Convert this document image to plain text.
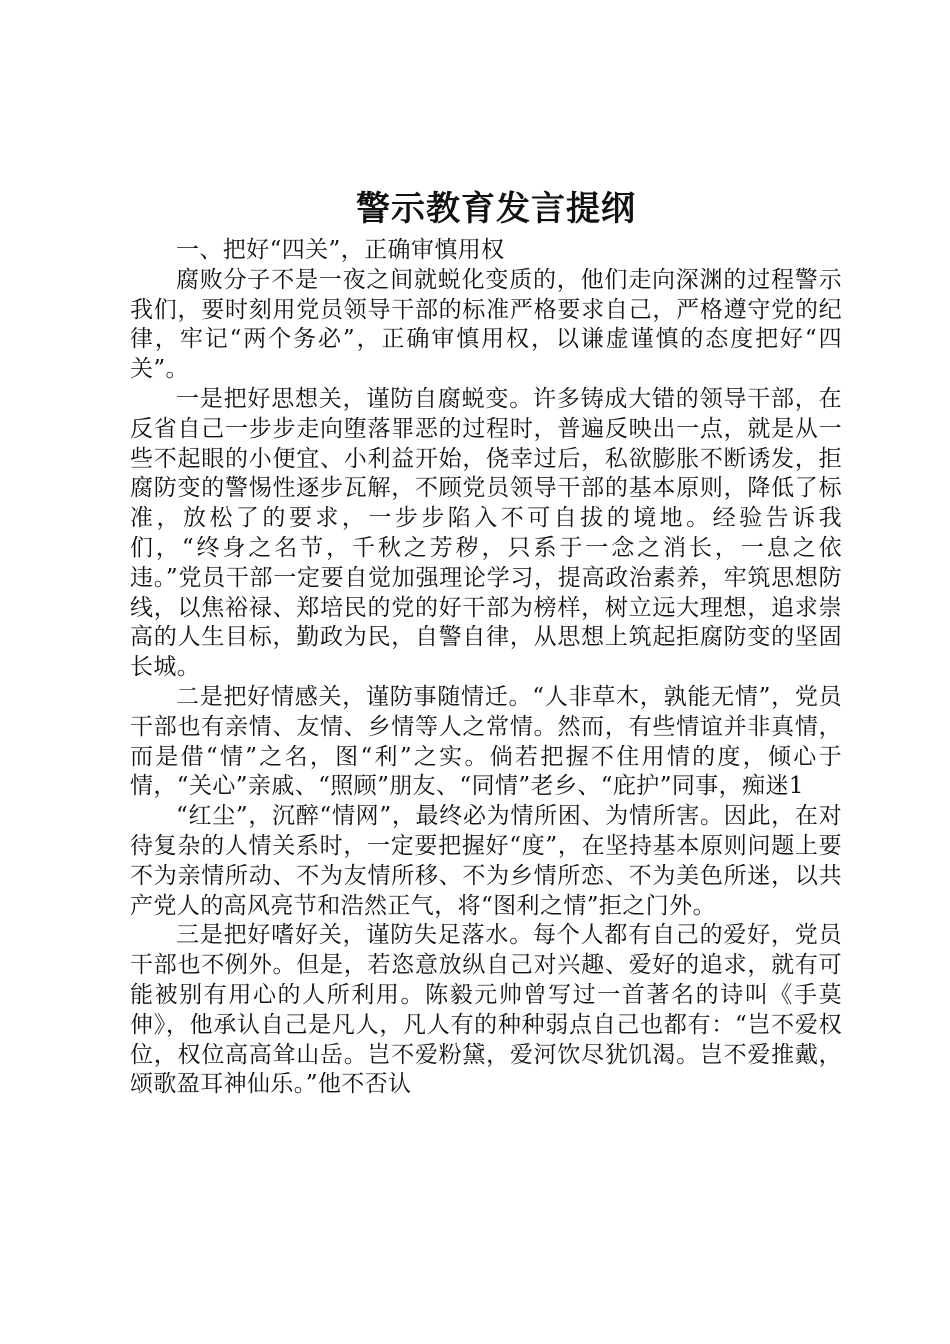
警示教育发言提纲

一、把好“四关”，正确审慎用权

腐败分子不是一夜之间就蜕化变质的，他们走向深渊的过程警示我们，要时刻用党员领导干部的标准严格要求自己，严格遵守党的纪律，牢记“两个务必”，正确审慎用权，以谦虚谨慎的态度把好“四关”。

一是把好思想关，谨防自腐蜕变。许多铸成大错的领导干部，在反省自己一步步走向堕落罪恶的过程时，普遍反映出一点，就是从一些不起眼的小便宜、小利益开始，侥幸过后，私欲膨胀不断诱发，拒腐防变的警惕性逐步瓦解，不顾党员领导干部的基本原则，降低了标准，放松了的要求，一步步陷入不可自拔的境地。经验告诉我们，“终身之名节，千秋之芳秽，只系于一念之消长，一息之依违。”党员干部一定要自觉加强理论学习，提高政治素养，牢筑思想防线，以焦裕禄、郑培民的党的好干部为榜样，树立远大理想，追求崇高的人生目标，勤政为民，自警自律，从思想上筑起拒腐防变的坚固长城。

二是把好情感关，谨防事随情迁。“人非草木，孰能无情”，党员干部也有亲情、友情、乡情等人之常情。然而，有些情谊并非真情，而是借“情”之名，图“利”之实。倘若把握不住用情的度，倾心于情，“关心”亲戚、“照顾”朋友、“同情”老乡、“庇护”同事，痴迷1

“红尘”，沉醉“情网”，最终必为情所困、为情所害。因此，在对待复杂的人情关系时，一定要把握好“度”，在坚持基本原则问题上要不为亲情所动、不为友情所移、不为乡情所恋、不为美色所迷，以共产党人的高风亮节和浩然正气，将“图利之情”拒之门外。

三是把好嗜好关，谨防失足落水。每个人都有自己的爱好，党员干部也不例外。但是，若恣意放纵自己对兴趣、爱好的追求，就有可能被别有用心的人所利用。陈毅元帅曾写过一首著名的诗叫《手莫伸》，他承认自己是凡人，凡人有的种种弱点自己也都有：“岂不爱权位，权位高高耸山岳。岂不爱粉黛，爱河饮尽犹饥渴。岂不爱推戴，颂歌盈耳神仙乐。”他不否认
